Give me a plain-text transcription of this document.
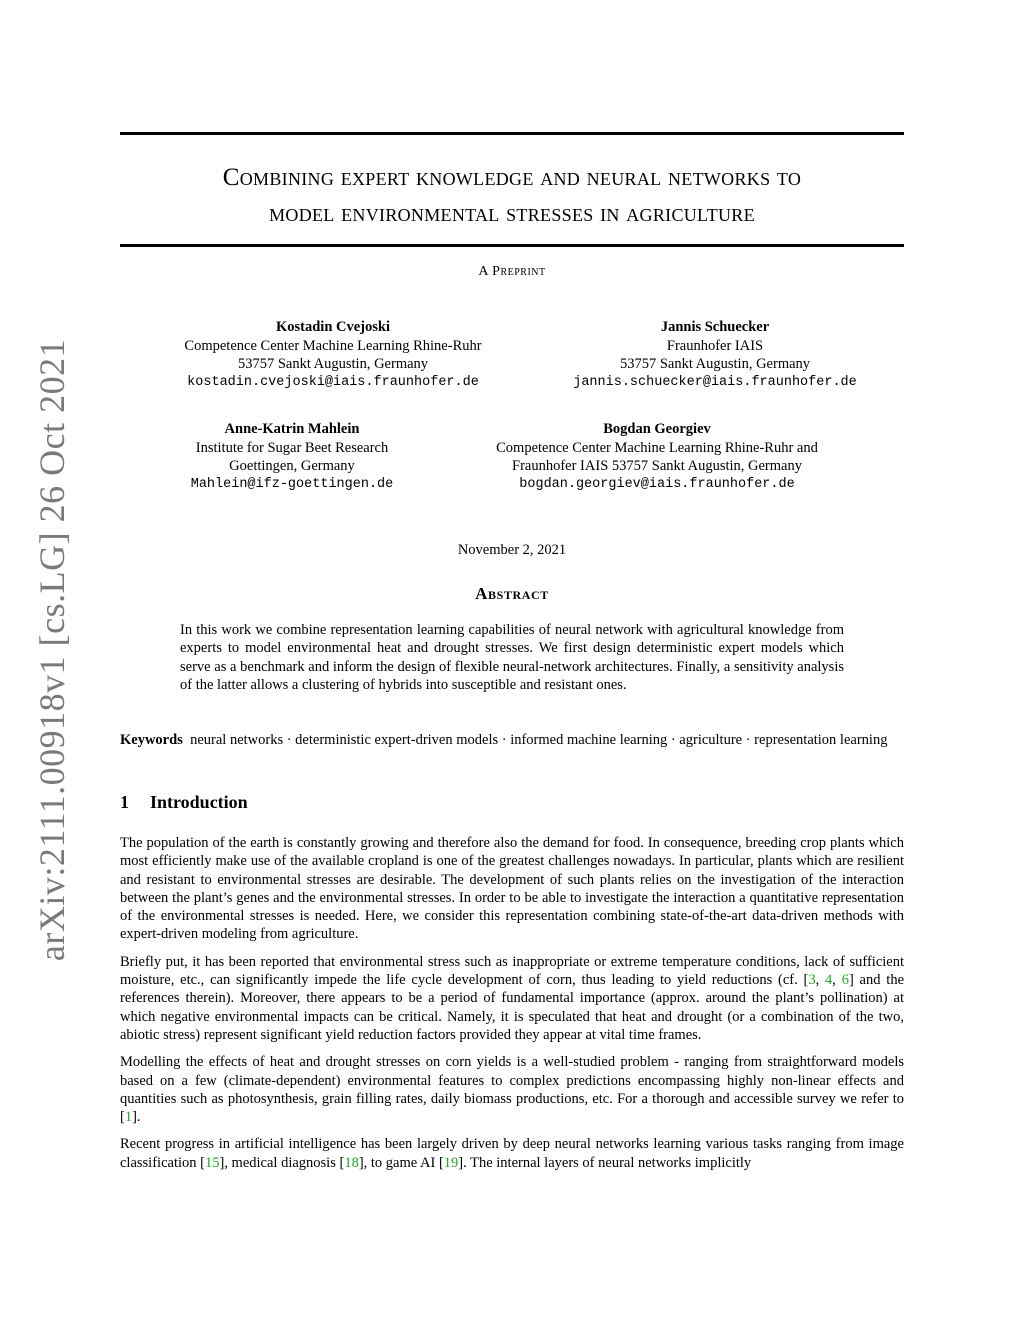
arXiv:2111.00918v1 [cs.LG] 26 Oct 2021
Combining expert knowledge and neural networks to
model environmental stresses in agriculture
A Preprint
Kostadin Cvejoski
Competence Center Machine Learning Rhine-Ruhr
53757 Sankt Augustin, Germany
kostadin.cvejoski@iais.fraunhofer.de
Jannis Schuecker
Fraunhofer IAIS
53757 Sankt Augustin, Germany
jannis.schuecker@iais.fraunhofer.de
Anne-Katrin Mahlein
Institute for Sugar Beet Research
Goettingen, Germany
Mahlein@ifz-goettingen.de
Bogdan Georgiev
Competence Center Machine Learning Rhine-Ruhr and
Fraunhofer IAIS 53757 Sankt Augustin, Germany
bogdan.georgiev@iais.fraunhofer.de
November 2, 2021
Abstract
In this work we combine representation learning capabilities of neural network with agricultural knowledge from experts to model environmental heat and drought stresses. We first design deterministic expert models which serve as a benchmark and inform the design of flexible neural-network architectures. Finally, a sensitivity analysis of the latter allows a clustering of hybrids into susceptible and resistant ones.
Keywords neural networks · deterministic expert-driven models · informed machine learning · agriculture · representation learning
1 Introduction

The population of the earth is constantly growing and therefore also the demand for food. In consequence, breeding crop plants which most efficiently make use of the available cropland is one of the greatest challenges nowadays. In particular, plants which are resilient and resistant to environmental stresses are desirable. The development of such plants relies on the investigation of the interaction between the plant’s genes and the environmental stresses. In order to be able to investigate the interaction a quantitative representation of the environmental stresses is needed. Here, we consider this representation combining state-of-the-art data-driven methods with expert-driven modeling from agriculture.

Briefly put, it has been reported that environmental stress such as inappropriate or extreme temperature conditions, lack of sufficient moisture, etc., can significantly impede the life cycle development of corn, thus leading to yield reductions (cf. [3, 4, 6] and the references therein). Moreover, there appears to be a period of fundamental importance (approx. around the plant’s pollination) at which negative environmental impacts can be critical. Namely, it is speculated that heat and drought (or a combination of the two, abiotic stress) represent significant yield reduction factors provided they appear at vital time frames.

Modelling the effects of heat and drought stresses on corn yields is a well-studied problem - ranging from straightforward models based on a few (climate-dependent) environmental features to complex predictions encompassing highly non-linear effects and quantities such as photosynthesis, grain filling rates, daily biomass productions, etc. For a thorough and accessible survey we refer to [1].

Recent progress in artificial intelligence has been largely driven by deep neural networks learning various tasks ranging from image classification [15], medical diagnosis [18], to game AI [19]. The internal layers of neural networks implicitly
